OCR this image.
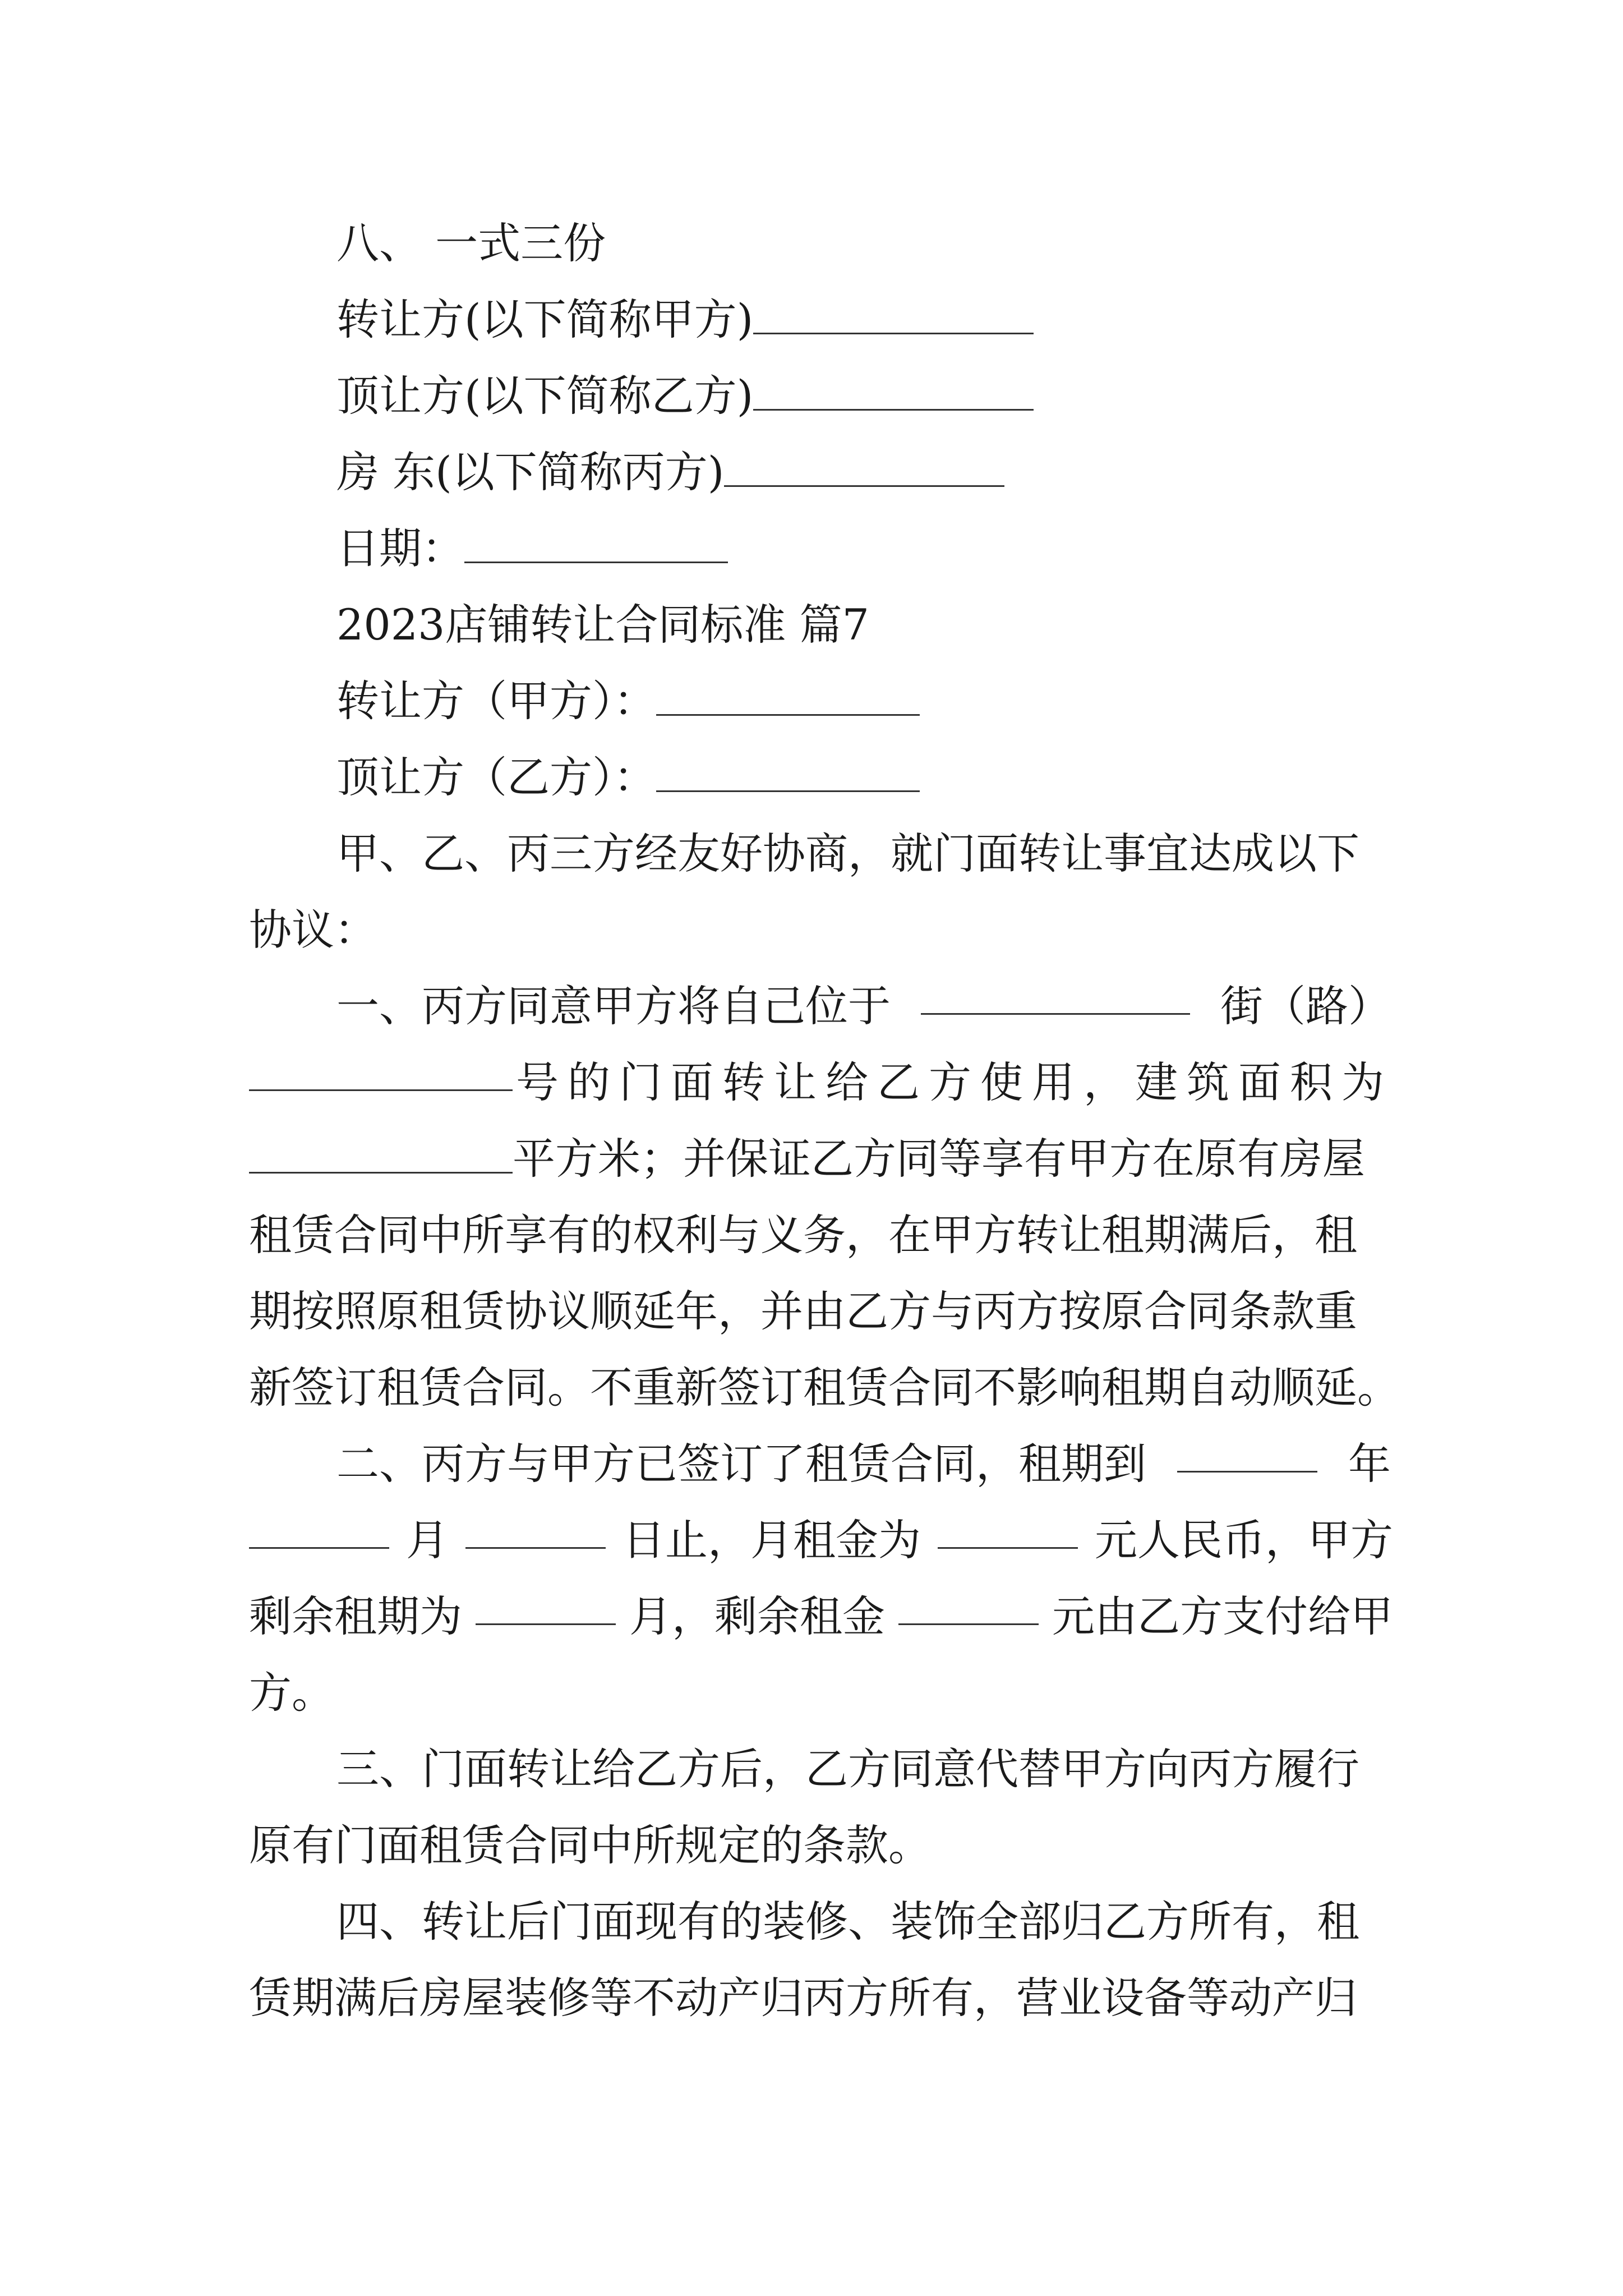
八、 一式三份
转让方(以下简称甲方)
顶让方(以下简称乙方)
房 东(以下简称丙方)
日期：
2023店铺转让合同标准 篇7
转让方（甲方）：
顶让方（乙方）：
甲、乙、丙三方经友好协商，就门面转让事宜达成以下
协议：
一、丙方同意甲方将自己位于	街（路）
号的门面转让给乙方使用，建筑面积为
平方米；并保证乙方同等享有甲方在原有房屋
租赁合同中所享有的权利与义务，在甲方转让租期满后，租
期按照原租赁协议顺延年，并由乙方与丙方按原合同条款重
新签订租赁合同。不重新签订租赁合同不影响租期自动顺延。
二、丙方与甲方已签订了租赁合同，租期到	年
月	日止，月租金为	元人民币，甲方
剩余租期为	月，剩余租金	元由乙方支付给甲
方。
三、门面转让给乙方后，乙方同意代替甲方向丙方履行
原有门面租赁合同中所规定的条款。
四、转让后门面现有的装修、装饰全部归乙方所有，租
赁期满后房屋装修等不动产归丙方所有，营业设备等动产归
